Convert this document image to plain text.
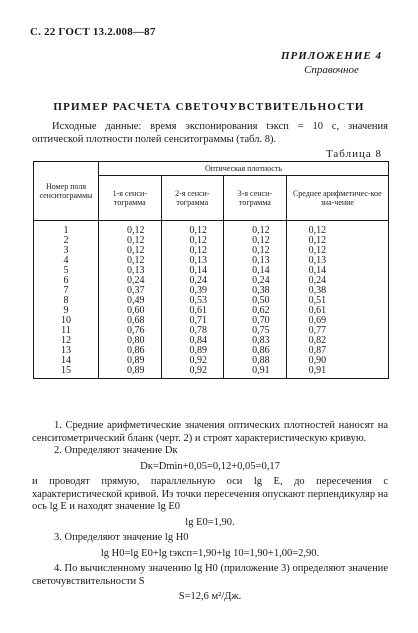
С. 22 ГОСТ 13.2.008—87
ПРИЛОЖЕНИЕ 4
Справочное
ПРИМЕР РАСЧЕТА СВЕТОЧУВСТВИТЕЛЬНОСТИ
Исходные данные: время экспонирования tэксп = 10 с, значения оптической плотности полей сенситограммы (табл. 8).
Таблица 8
Номер поля сенситограммы	Оптическая плотность			
	1-я сенси-тограмма	2-я сенси-тограмма	3-я сенси-тограмма	Среднее арифметичес-кое зна-чение
1	0,12	0,12	0,12	0,12
2	0,12	0,12	0,12	0,12
3	0,12	0,12	0,12	0,12
4	0,12	0,13	0,13	0,13
5	0,13	0,14	0,14	0,14
6	0,24	0,24	0,24	0,24
7	0,37	0,39	0,38	0,38
8	0,49	0,53	0,50	0,51
9	0,60	0,61	0,62	0,61
10	0,68	0,71	0,70	0,69
11	0,76	0,78	0,75	0,77
12	0,80	0,84	0,83	0,82
13	0,86	0,89	0,86	0,87
14	0,89	0,92	0,88	0,90
15	0,89	0,92	0,91	0,91

1. Средние арифметические значения оптических плотностей наносят на сенситометрический бланк (черт. 2) и строят характеристическую кривую.

2. Определяют значение Dк

Dк=Dmin+0,05=0,12+0,05=0,17

и проводят прямую, параллельную оси lg E, до пересечения с характеристической кривой. Из точки пересечения опускают перпендикуляр на ось lg E и находят значение lg E0

lg E0=1,90.

3. Определяют значение lg H0

lg H0=lg E0+lg tэксп=1,90+lg 10=1,90+1,00=2,90.

4. По вычисленному значению lg H0 (приложение 3) определяют значение светочувствительности S

S=12,6 м²/Дж.
